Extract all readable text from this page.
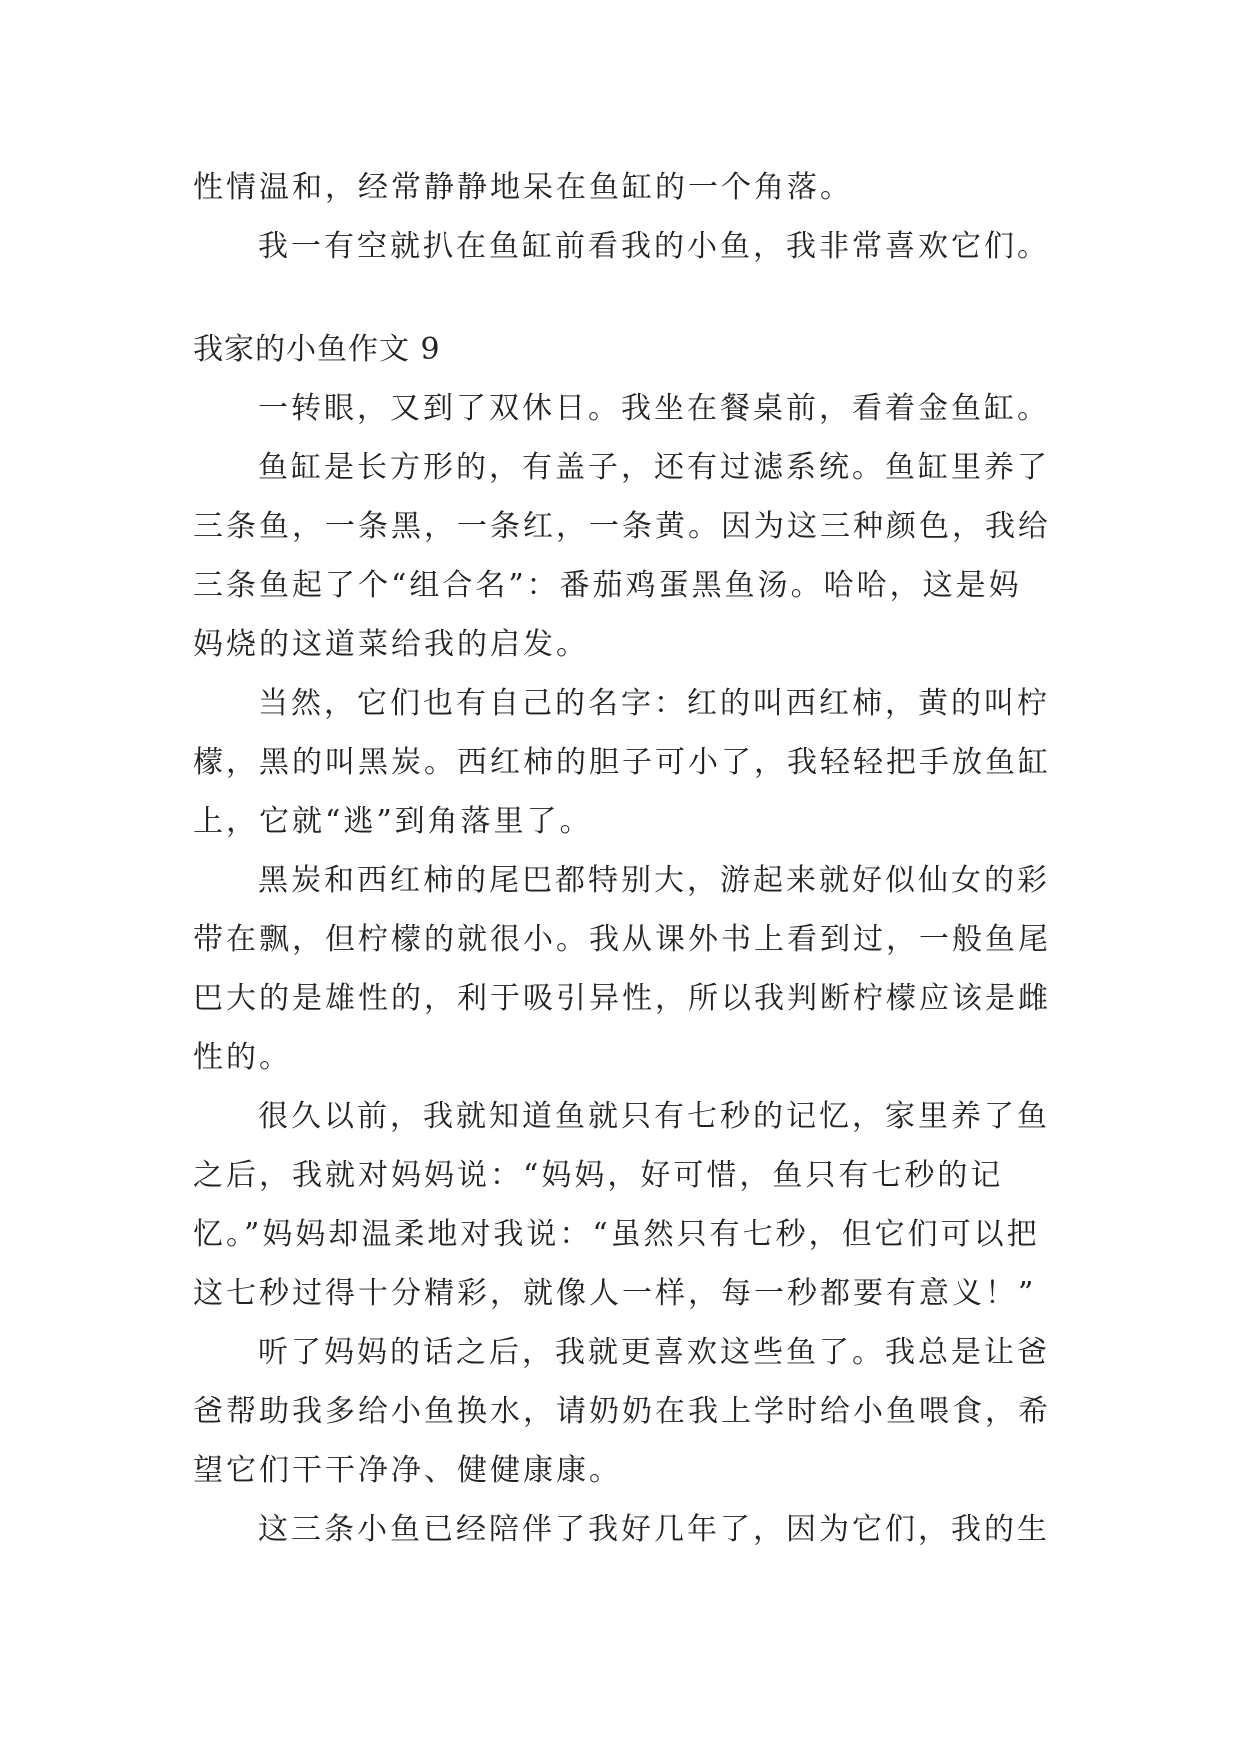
性情温和，经常静静地呆在鱼缸的一个角落。
我一有空就扒在鱼缸前看我的小鱼，我非常喜欢它们。
我家的小鱼作文 9
一转眼，又到了双休日。我坐在餐桌前，看着金鱼缸。
鱼缸是长方形的，有盖子，还有过滤系统。鱼缸里养了
三条鱼，一条黑，一条红，一条黄。因为这三种颜色，我给
三条鱼起了个“组合名”：番茄鸡蛋黑鱼汤。哈哈，这是妈
妈烧的这道菜给我的启发。
当然，它们也有自己的名字：红的叫西红柿，黄的叫柠
檬，黑的叫黑炭。西红柿的胆子可小了，我轻轻把手放鱼缸
上，它就“逃”到角落里了。
黑炭和西红柿的尾巴都特别大，游起来就好似仙女的彩
带在飘，但柠檬的就很小。我从课外书上看到过，一般鱼尾
巴大的是雄性的，利于吸引异性，所以我判断柠檬应该是雌
性的。
很久以前，我就知道鱼就只有七秒的记忆，家里养了鱼
之后，我就对妈妈说：“妈妈，好可惜，鱼只有七秒的记
忆。”妈妈却温柔地对我说：“虽然只有七秒，但它们可以把
这七秒过得十分精彩，就像人一样，每一秒都要有意义！”
听了妈妈的话之后，我就更喜欢这些鱼了。我总是让爸
爸帮助我多给小鱼换水，请奶奶在我上学时给小鱼喂食，希
望它们干干净净、健健康康。
这三条小鱼已经陪伴了我好几年了，因为它们，我的生
